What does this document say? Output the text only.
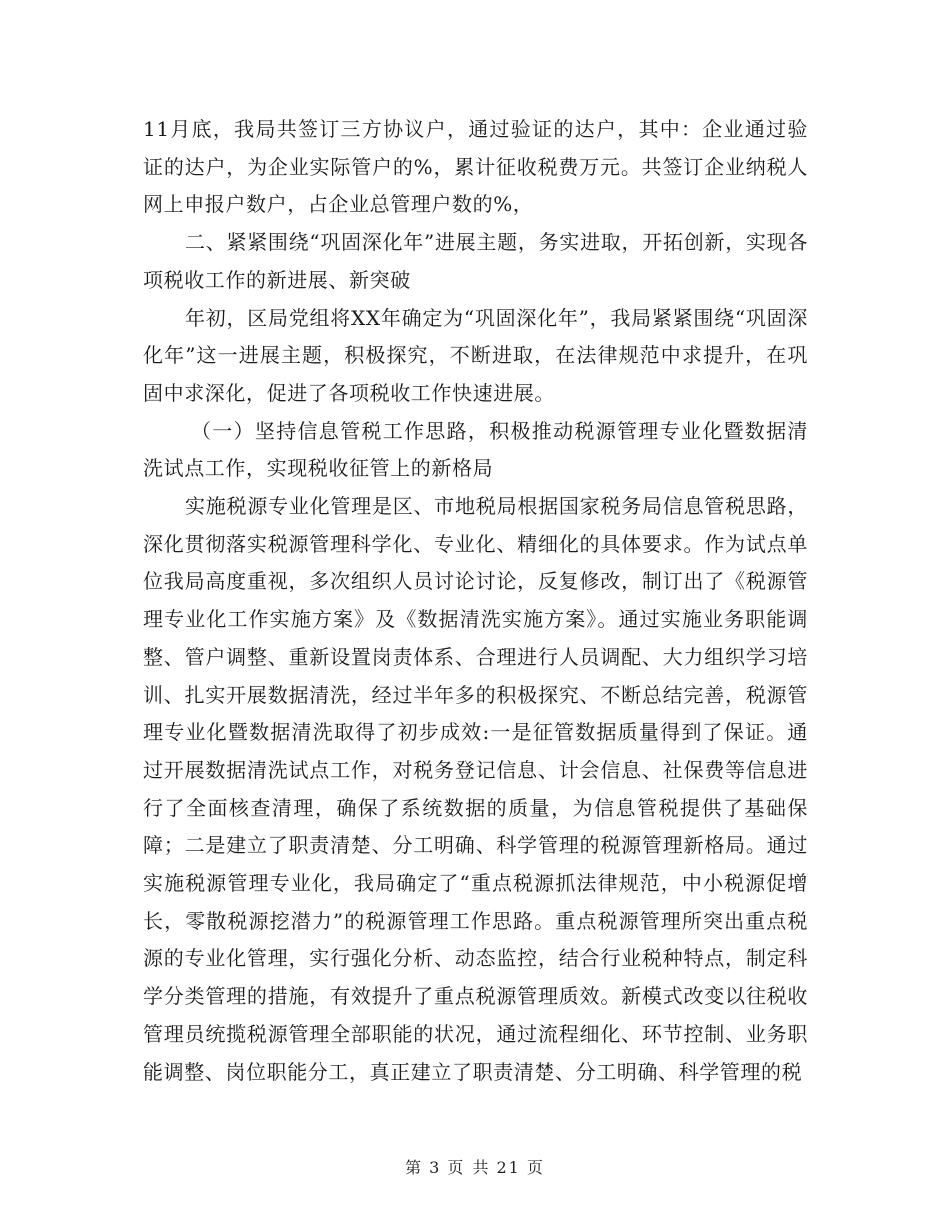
11月底，我局共签订三方协议户，通过验证的达户，其中：企业通过验证的达户，为企业实际管户的%，累计征收税费万元。共签订企业纳税人网上申报户数户，占企业总管理户数的%，

二、紧紧围绕“巩固深化年”进展主题，务实进取，开拓创新，实现各项税收工作的新进展、新突破

年初，区局党组将XX年确定为“巩固深化年”，我局紧紧围绕“巩固深化年”这一进展主题，积极探究，不断进取，在法律规范中求提升，在巩固中求深化，促进了各项税收工作快速进展。

（一）坚持信息管税工作思路，积极推动税源管理专业化暨数据清洗试点工作，实现税收征管上的新格局

实施税源专业化管理是区、市地税局根据国家税务局信息管税思路，深化贯彻落实税源管理科学化、专业化、精细化的具体要求。作为试点单位我局高度重视，多次组织人员讨论讨论，反复修改，制订出了《税源管理专业化工作实施方案》及《数据清洗实施方案》。通过实施业务职能调整、管户调整、重新设置岗责体系、合理进行人员调配、大力组织学习培训、扎实开展数据清洗，经过半年多的积极探究、不断总结完善，税源管理专业化暨数据清洗取得了初步成效:一是征管数据质量得到了保证。通过开展数据清洗试点工作，对税务登记信息、计会信息、社保费等信息进行了全面核查清理，确保了系统数据的质量，为信息管税提供了基础保障；二是建立了职责清楚、分工明确、科学管理的税源管理新格局。通过实施税源管理专业化，我局确定了“重点税源抓法律规范，中小税源促增长，零散税源挖潜力”的税源管理工作思路。重点税源管理所突出重点税源的专业化管理，实行强化分析、动态监控，结合行业税种特点，制定科学分类管理的措施，有效提升了重点税源管理质效。新模式改变以往税收管理员统揽税源管理全部职能的状况，通过流程细化、环节控制、业务职能调整、岗位职能分工，真正建立了职责清楚、分工明确、科学管理的税

第 3 页 共 21 页
